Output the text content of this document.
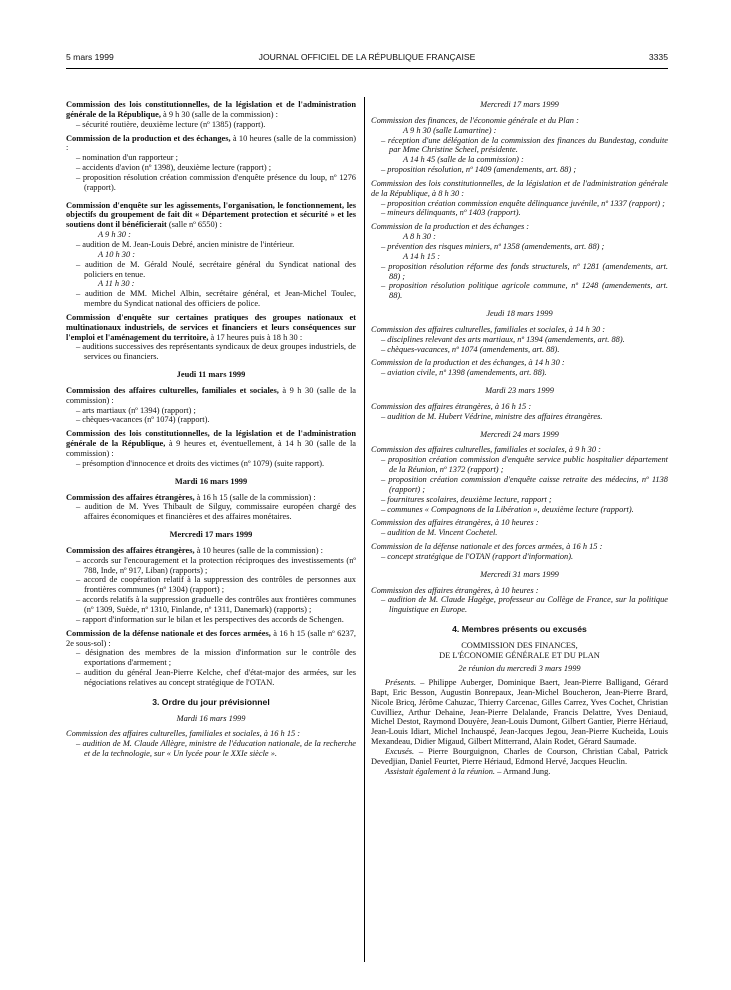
5 mars 1999	JOURNAL OFFICIEL DE LA RÉPUBLIQUE FRANÇAISE	3335

Commission des lois constitutionnelles, de la législation et de l'administration générale de la République, à 9 h 30 (salle de la commission) :

– sécurité routière, deuxième lecture (nº 1385) (rapport).

Commission de la production et des échanges, à 10 heures (salle de la commission) :

– nomination d'un rapporteur ;
– accidents d'avion (nº 1398), deuxième lecture (rapport) ;
– proposition résolution création commission d'enquête présence du loup, nº 1276 (rapport).

Commission d'enquête sur les agissements, l'organisation, le fonctionnement, les objectifs du groupement de fait dit « Département protection et sécurité » et les soutiens dont il bénéficierait (salle nº 6550) :

A 9 h 30 :
– audition de M. Jean-Louis Debré, ancien ministre de l'intérieur.
A 10 h 30 :
– audition de M. Gérald Noulé, secrétaire général du Syndicat national des policiers en tenue.
A 11 h 30 :
– audition de MM. Michel Albin, secrétaire général, et Jean-Michel Toulec, membre du Syndicat national des officiers de police.

Commission d'enquête sur certaines pratiques des groupes nationaux et multinationaux industriels, de services et financiers et leurs conséquences sur l'emploi et l'aménagement du territoire, à 17 heures puis à 18 h 30 :

– auditions successives des représentants syndicaux de deux groupes industriels, de services ou financiers.
Jeudi 11 mars 1999

Commission des affaires culturelles, familiales et sociales, à 9 h 30 (salle de la commission) :

– arts martiaux (nº 1394) (rapport) ;
– chèques-vacances (nº 1074) (rapport).

Commission des lois constitutionnelles, de la législation et de l'administration générale de la République, à 9 heures et, éventuellement, à 14 h 30 (salle de la commission) :

– présomption d'innocence et droits des victimes (nº 1079) (suite rapport).
Mardi 16 mars 1999

Commission des affaires étrangères, à 16 h 15 (salle de la commission) :

– audition de M. Yves Thibault de Silguy, commissaire européen chargé des affaires économiques et financières et des affaires monétaires.
Mercredi 17 mars 1999

Commission des affaires étrangères, à 10 heures (salle de la commission) :

– accords sur l'encouragement et la protection réciproques des investissements (nº 788, Inde, nº 917, Liban) (rapports) ;
– accord de coopération relatif à la suppression des contrôles de personnes aux frontières communes (nº 1304) (rapport) ;
– accords relatifs à la suppression graduelle des contrôles aux frontières communes (nº 1309, Suède, nº 1310, Finlande, nº 1311, Danemark) (rapports) ;
– rapport d'information sur le bilan et les perspectives des accords de Schengen.

Commission de la défense nationale et des forces armées, à 16 h 15 (salle nº 6237, 2e sous-sol) :

– désignation des membres de la mission d'information sur le contrôle des exportations d'armement ;
– audition du général Jean-Pierre Kelche, chef d'état-major des armées, sur les négociations relatives au concept stratégique de l'OTAN.
3. Ordre du jour prévisionnel
Mardi 16 mars 1999

Commission des affaires culturelles, familiales et sociales, à 16 h 15 :

– audition de M. Claude Allègre, ministre de l'éducation nationale, de la recherche et de la technologie, sur « Un lycée pour le XXIe siècle ».
Mercredi 17 mars 1999

Commission des finances, de l'économie générale et du Plan :

A 9 h 30 (salle Lamartine) :
– réception d'une délégation de la commission des finances du Bundestag, conduite par Mme Christine Scheel, présidente.
A 14 h 45 (salle de la commission) :
– proposition résolution, nº 1409 (amendements, art. 88) ;

Commission des lois constitutionnelles, de la législation et de l'administration générale de la République, à 8 h 30 :

– proposition création commission enquête délinquance juvénile, nº 1337 (rapport) ;
– mineurs délinquants, nº 1403 (rapport).

Commission de la production et des échanges :

A 8 h 30 :
– prévention des risques miniers, nº 1358 (amendements, art. 88) ;
A 14 h 15 :
– proposition résolution réforme des fonds structurels, nº 1281 (amendements, art. 88) ;
– proposition résolution politique agricole commune, nº 1248 (amendements, art. 88).
Jeudi 18 mars 1999

Commission des affaires culturelles, familiales et sociales, à 14 h 30 :

– disciplines relevant des arts martiaux, nº 1394 (amendements, art. 88).
– chèques-vacances, nº 1074 (amendements, art. 88).

Commission de la production et des échanges, à 14 h 30 :

– aviation civile, nº 1398 (amendements, art. 88).
Mardi 23 mars 1999

Commission des affaires étrangères, à 16 h 15 :

– audition de M. Hubert Védrine, ministre des affaires étrangères.
Mercredi 24 mars 1999

Commission des affaires culturelles, familiales et sociales, à 9 h 30 :

– proposition création commission d'enquête service public hospitalier département de la Réunion, nº 1372 (rapport) ;
– proposition création commission d'enquête caisse retraite des médecins, nº 1138 (rapport) ;
– fournitures scolaires, deuxième lecture, rapport ;
– communes « Compagnons de la Libération », deuxième lecture (rapport).

Commission des affaires étrangères, à 10 heures :

– audition de M. Vincent Cochetel.

Commission de la défense nationale et des forces armées, à 16 h 15 :

– concept stratégique de l'OTAN (rapport d'information).
Mercredi 31 mars 1999

Commission des affaires étrangères, à 10 heures :

– audition de M. Claude Hagège, professeur au Collège de France, sur la politique linguistique en Europe.
4. Membres présents ou excusés
COMMISSION DES FINANCES,
DE L'ÉCONOMIE GÉNÉRALE ET DU PLAN
2e réunion du mercredi 3 mars 1999

Présents. – Philippe Auberger, Dominique Baert, Jean-Pierre Balligand, Gérard Bapt, Eric Besson, Augustin Bonrepaux, Jean-Michel Boucheron, Jean-Pierre Brard, Nicole Bricq, Jérôme Cahuzac, Thierry Carcenac, Gilles Carrez, Yves Cochet, Christian Cuvilliez, Arthur Dehaine, Jean-Pierre Delalande, Francis Delattre, Yves Deniaud, Michel Destot, Raymond Douyère, Jean-Louis Dumont, Gilbert Gantier, Pierre Hériaud, Jean-Louis Idiart, Michel Inchauspé, Jean-Jacques Jegou, Jean-Pierre Kucheida, Louis Mexandeau, Didier Migaud, Gilbert Mitterrand, Alain Rodet, Gérard Saumade.

Excusés. – Pierre Bourguignon, Charles de Courson, Christian Cabal, Patrick Devedjian, Daniel Feurtet, Pierre Hériaud, Edmond Hervé, Jacques Heuclin.

Assistait également à la réunion. – Armand Jung.
